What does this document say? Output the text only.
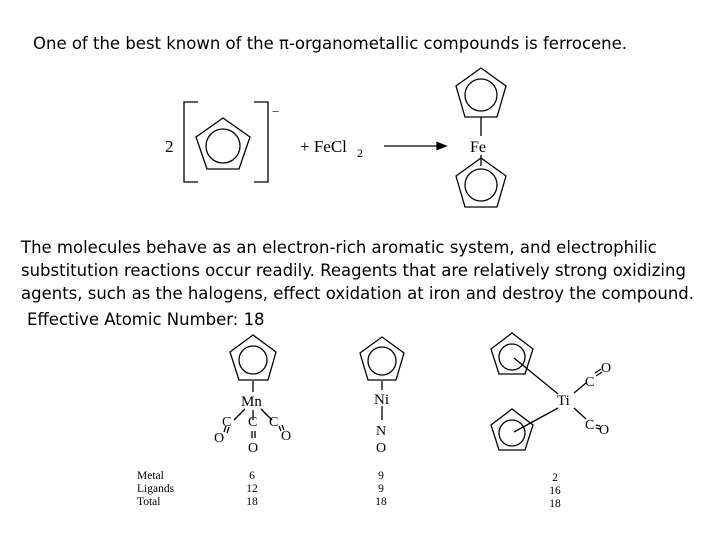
One of the best known of the π-organometallic compounds is ferrocene.
2
−
+ FeCl 2	Fe
Mn
C C C
O
O
O
Ni
N
O
Ti
C
O
C O
The molecules behave as an electron-rich aromatic system, and electrophilic
substitution reactions occur readily. Reagents that are relatively strong oxidizing
agents, such as the halogens, effect oxidation at iron and destroy the compound.
Effective Atomic Number: 18
Metal
Ligands
Total
6
12
18
9
9
18
2
16
18
